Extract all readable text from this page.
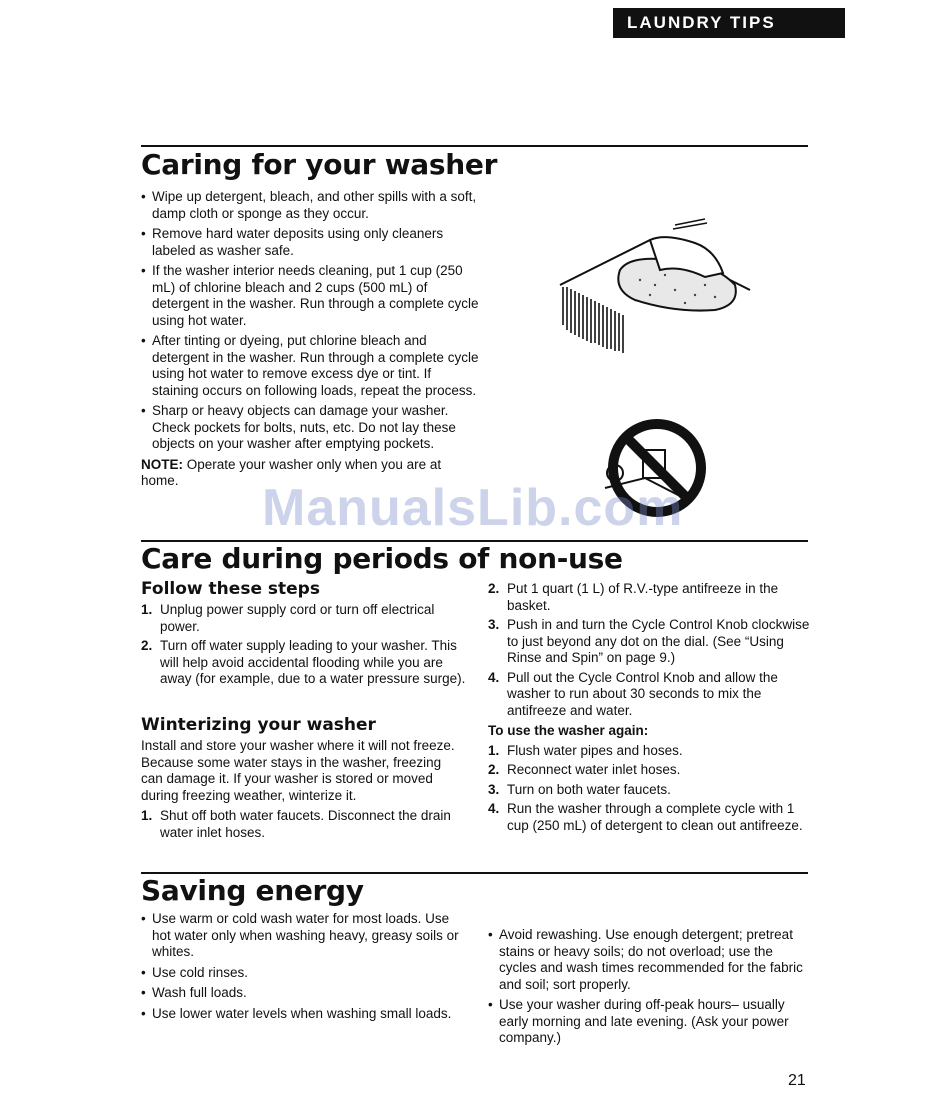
LAUNDRY TIPS
Caring for your washer
• Wipe up detergent, bleach, and other spills with a soft, damp cloth or sponge as they occur.
• Remove hard water deposits using only cleaners labeled as washer safe.
• If the washer interior needs cleaning, put 1 cup (250 mL) of chlorine bleach and 2 cups (500 mL) of detergent in the washer. Run through a complete cycle using hot water.
• After tinting or dyeing, put chlorine bleach and detergent in the washer. Run through a complete cycle using hot water to remove excess dye or tint. If staining occurs on following loads, repeat the process.
• Sharp or heavy objects can damage your washer. Check pockets for bolts, nuts, etc. Do not lay these objects on your washer after emptying pockets.

NOTE: Operate your washer only when you are at home.	ManualsLib.com
Care during periods of non-use
Follow these steps
1. Unplug power supply cord or turn off electrical power.
2. Turn off water supply leading to your washer. This will help avoid accidental flooding while you are away (for example, due to a water pressure surge).
Winterizing your washer

Install and store your washer where it will not freeze. Because some water stays in the washer, freezing can damage it. If your washer is stored or moved during freezing weather, winterize it.

1. Shut off both water faucets. Disconnect the drain water inlet hoses.
2. Put 1 quart (1 L) of R.V.-type antifreeze in the basket.
3. Push in and turn the Cycle Control Knob clockwise to just beyond any dot on the dial. (See “Using Rinse and Spin” on page 9.)
4. Pull out the Cycle Control Knob and allow the washer to run about 30 seconds to mix the antifreeze and water.
To use the washer again:
1. Flush water pipes and hoses.
2. Reconnect water inlet hoses.
3. Turn on both water faucets.
4. Run the washer through a complete cycle with 1 cup (250 mL) of detergent to clean out antifreeze.
Saving energy
• Use warm or cold wash water for most loads. Use hot water only when washing heavy, greasy soils or whites.
• Use cold rinses.
• Wash full loads.
• Use lower water levels when washing small loads.
• Avoid rewashing. Use enough detergent; pretreat stains or heavy soils; do not overload; use the cycles and wash times recommended for the fabric and soil; sort properly.
• Use your washer during off-peak hours– usually early morning and late evening. (Ask your power company.)
21
